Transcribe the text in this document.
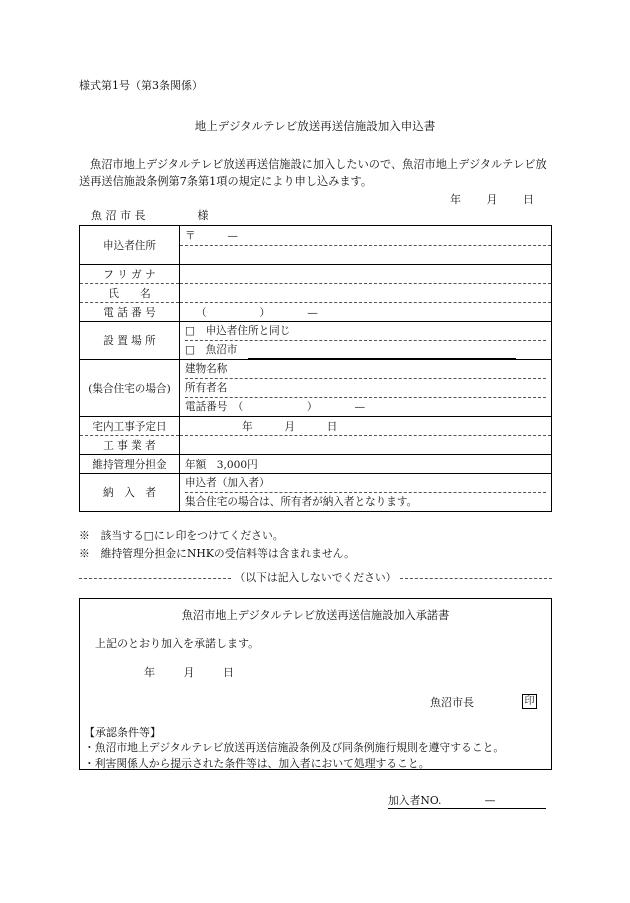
様式第1号（第3条関係）
地上デジタルテレビ放送再送信施設加入申込書
魚沼市地上デジタルテレビ放送再送信施設に加入したいので、魚沼市地上デジタルテレビ放送再送信施設条例第7条第1項の規定により申し込みます。
年 月 日
魚 沼 市 長	様
申込者住所	〒　　　—

フ リ ガ ナ	
氏　　名	
電 話 番 号	（　　　　　）　　　　—
設 置 場 所	□　申込者住所と同じ
□　魚沼市　

(集合住宅の場合)	建物名称
所有者名
電話番号　（　　　　　　）　　　　—

宅内工事予定日	年　　　月　　　日
工 事 業 者	
維持管理分担金	年額　3,000円
納　入　者	申込者（加入者）
集合住宅の場合は、所有者が納入者となります。
※　該当する□にレ印をつけてください。
※　維持管理分担金にNHKの受信料等は含まれません。
（以下は記入しないでください）
魚沼市地上デジタルテレビ放送再送信施設加入承諾書
上記のとおり加入を承諾します。
年 月 日
魚沼市長	印
【承認条件等】
・魚沼市地上デジタルテレビ放送再送信施設条例及び同条例施行規則を遵守すること。
・利害関係人から提示された条件等は、加入者において処理すること。
加入者NO.　　　　—
